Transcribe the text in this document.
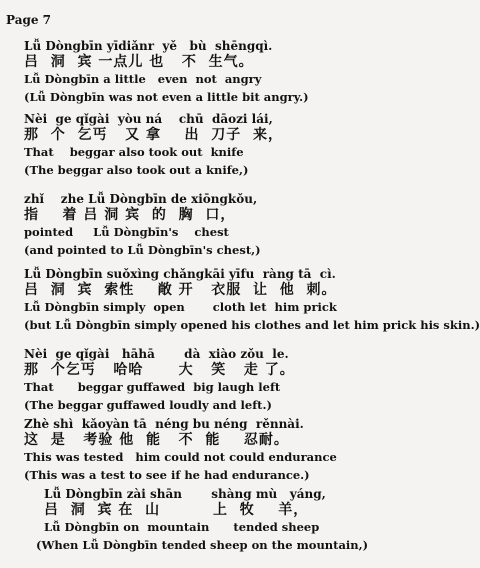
Page 7
Lǚ Dòngbīn yīdiǎnr  yě   bù  shēngqì.
吕  洞  宾 一点儿 也   不  生气。
Lǚ Dòngbīn a little   even  not  angry
(Lǚ Dòngbīn was not even a little bit angry.)
Nèi  ge qǐgài  yòu ná    chū  dāozi lái,
那  个  乞丐   又 拿    出  刀子  来，
That    beggar also took out  knife
(The beggar also took out a knife,)
zhǐ    zhe Lǚ Dòngbīn de xiōngkǒu,
指    着 吕 洞 宾  的  胸  口，
pointed     Lǚ Dòngbīn's    chest
(and pointed to Lǚ Dòngbīn's chest,)
Lǚ Dòngbīn suǒxìng chǎngkāi yīfu  ràng tā  cì.
吕  洞  宾  索性    敞 开   衣服  让  他  刺。
Lǚ Dòngbīn simply  open       cloth let  him prick
(but Lǚ Dòngbīn simply opened his clothes and let him prick his skin.)
Nèi  ge qǐgài   hāhā       dà  xiào zǒu  le.
那  个乞丐   哈哈      大   笑   走 了。
That      beggar guffawed  big laugh left
(The beggar guffawed loudly and left.)
Zhè shì  kǎoyàn tā  néng bu néng  rěnnài.
这  是   考验 他  能   不  能    忍耐。
This was tested   him could not could endurance
(This was a test to see if he had endurance.)
Lǚ Dòngbīn zài shān       shàng mù   yáng,
吕  洞  宾 在  山         上  牧    羊，
Lǚ Dòngbīn on  mountain      tended sheep
(When Lǚ Dòngbīn tended sheep on the mountain,)
